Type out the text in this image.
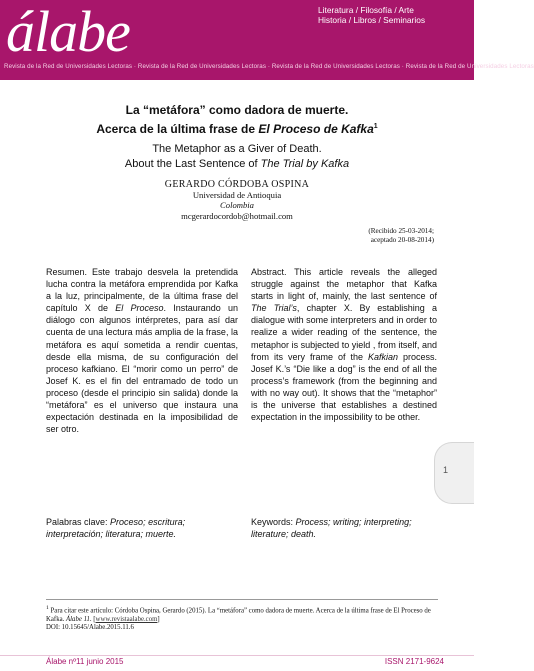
álabe	Literatura / Filosofía / Arte
Historia / Libros / Seminarios
Revista de la Red de Universidades Lectoras · Revista de la Red de Universidades Lectoras · Revista de la Red de Universidades Lectoras · Revista de la Red de Universidades Lectoras
La “metáfora” como dadora de muerte.
Acerca de la última frase de El Proceso de Kafka$^1$
The Metaphor as a Giver of Death.
About the Last Sentence of The Trial by Kafka
GERARDO CÓRDOBA OSPINA
Universidad de Antioquia
Colombia
mcgerardocordob@hotmail.com
(Recibido 25-03-2014;
aceptado 20-08-2014)
Resumen. Este trabajo desvela la pretendida lucha contra la metáfora emprendida por Kafka a la luz, principalmente, de la última frase del capítulo X de El Proceso. Instaurando un diálogo con algunos intérpretes, para así dar cuenta de una lectura más amplia de la frase, la metáfora es aquí sometida a rendir cuentas, desde ella misma, de su configuración del proceso kafkiano. El “morir como un perro” de Josef K. es el fin del entramado de todo un proceso (desde el principio sin salida) donde la “metáfora” es el universo que instaura una expectación destinada en la imposibilidad de ser otro.
Abstract. This article reveals the alleged struggle against the metaphor that Kafka starts in light of, mainly, the last sentence of The Trial’s, chapter X. By establishing a dialogue with some interpreters and in order to realize a wider reading of the sentence, the metaphor is subjected to yield , from itself, and from its very frame of the Kafkian process. Josef K.’s “Die like a dog” is the end of all the process’s framework (from the beginning and with no way out). It shows that the “metaphor” is the universe that establishes a destined expectation in the impossibility to be other.
1
Palabras clave: Proceso; escritura; interpretación; literatura; muerte.
Keywords: Process; writing; interpreting; literature; death.
$^1$ Para citar este artículo: Córdoba Ospina, Gerardo (2015). La “metáfora” como dadora de muerte. Acerca de la última frase de El Proceso de Kafka. Álabe 11. [www.revistaalabe.com]
DOI: 10.15645/Alabe.2015.11.6
Álabe nº11 junio 2015	ISSN 2171-9624
